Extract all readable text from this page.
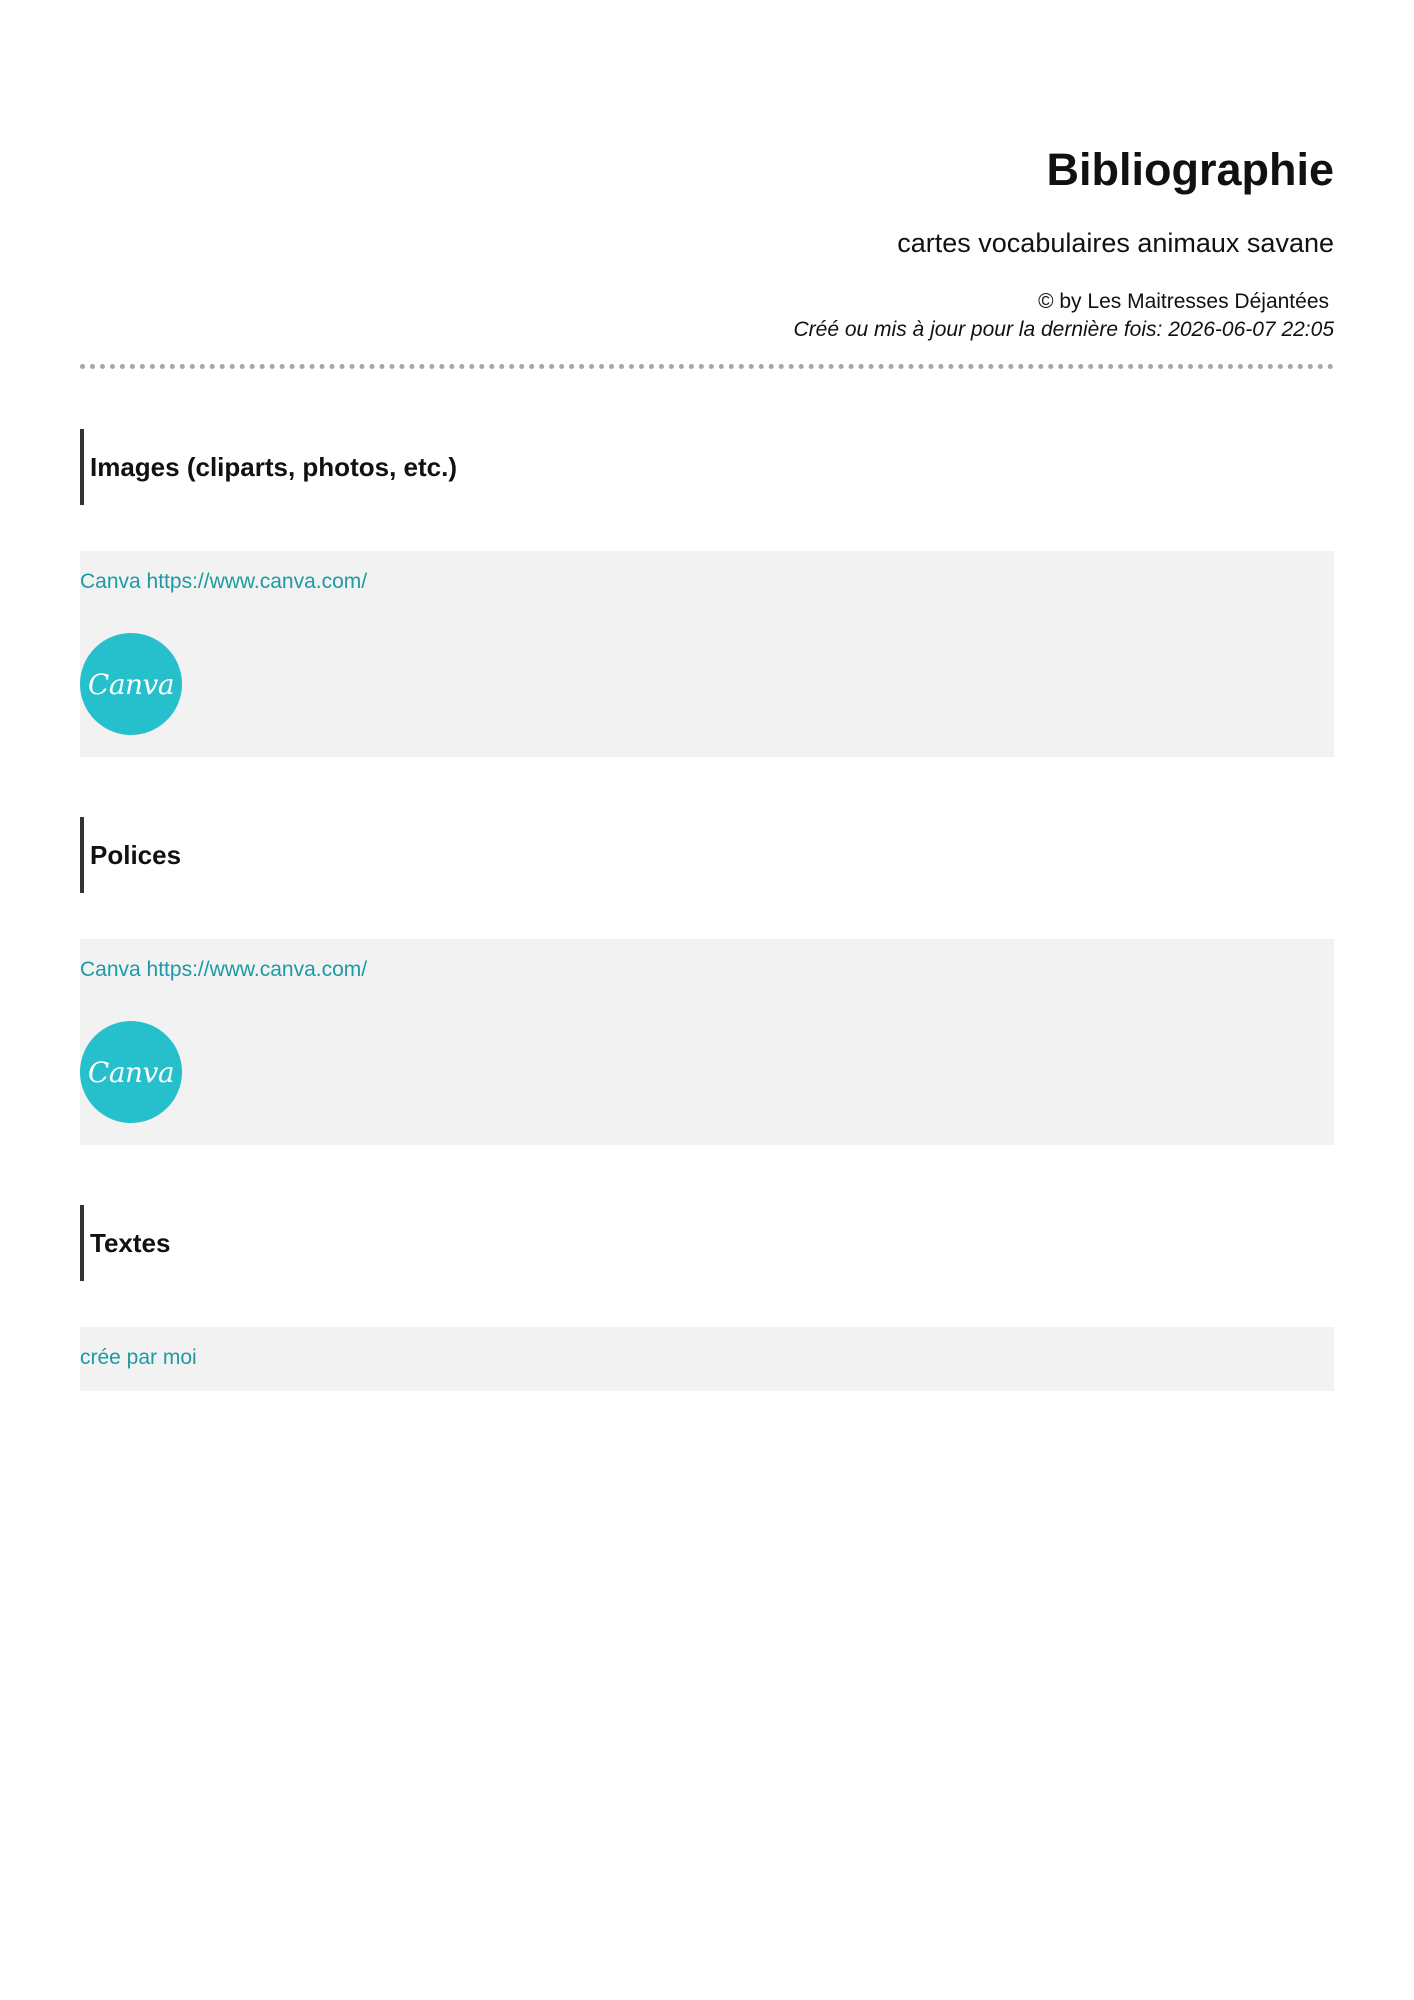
Bibliographie
cartes vocabulaires animaux savane
© by Les Maitresses Déjantées
Créé ou mis à jour pour la dernière fois: 2026-06-07 22:05
Images (cliparts, photos, etc.)
Canva https://www.canva.com/
Canva
Polices
Canva https://www.canva.com/
Canva
Textes
crée par moi
